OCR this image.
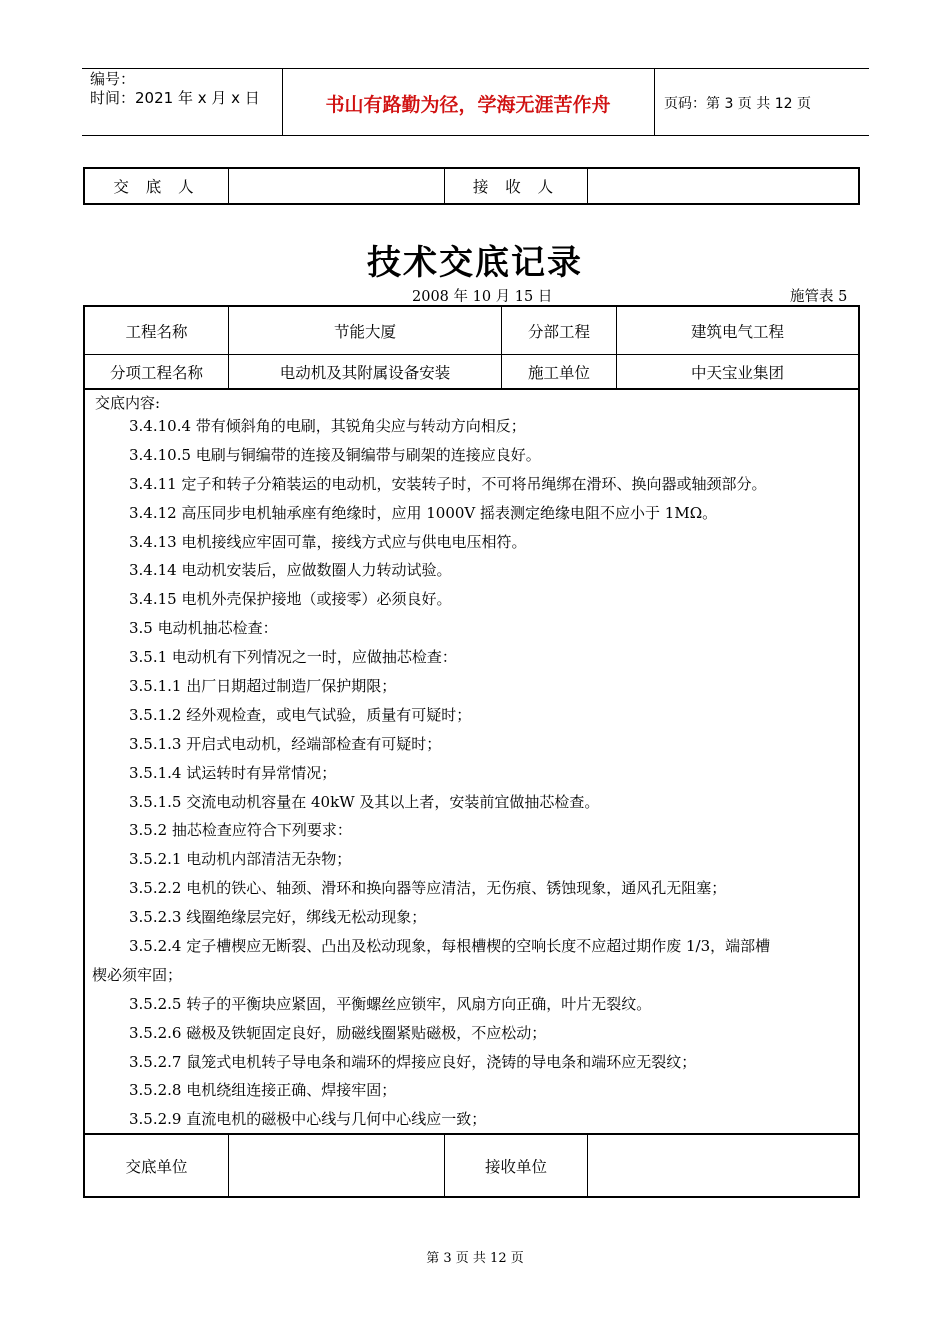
编号：
时间：2021 年 x 月 x 日	书山有路勤为径，学海无涯苦作舟	页码：第 3 页 共 12 页
交 底 人		接 收 人	
技术交底记录
2008 年 10 月 15 日	施管表 5
工程名称	节能大厦	分部工程	建筑电气工程
分项工程名称	电动机及其附属设备安装	施工单位	中天宝业集团
交底内容:
3.4.10.4 带有倾斜角的电刷，其锐角尖应与转动方向相反；
3.4.10.5 电刷与铜编带的连接及铜编带与刷架的连接应良好。
3.4.11 定子和转子分箱装运的电动机，安装转子时，不可将吊绳绑在滑环、换向器或轴颈部分。
3.4.12 高压同步电机轴承座有绝缘时，应用 1000V 摇表测定绝缘电阻不应小于 1MΩ。
3.4.13 电机接线应牢固可靠，接线方式应与供电电压相符。
3.4.14 电动机安装后，应做数圈人力转动试验。
3.4.15 电机外壳保护接地（或接零）必须良好。
3.5 电动机抽芯检查：
3.5.1 电动机有下列情况之一时，应做抽芯检查：
3.5.1.1 出厂日期超过制造厂保护期限；
3.5.1.2 经外观检查，或电气试验，质量有可疑时；
3.5.1.3 开启式电动机，经端部检查有可疑时；
3.5.1.4 试运转时有异常情况；
3.5.1.5 交流电动机容量在 40kW 及其以上者，安装前宜做抽芯检查。
3.5.2 抽芯检查应符合下列要求：
3.5.2.1 电动机内部清洁无杂物；
3.5.2.2 电机的铁心、轴颈、滑环和换向器等应清洁，无伤痕、锈蚀现象，通风孔无阻塞；
3.5.2.3 线圈绝缘层完好，绑线无松动现象；
3.5.2.4 定子槽楔应无断裂、凸出及松动现象，每根槽楔的空响长度不应超过期作废 1/3，端部槽
楔必须牢固；
3.5.2.5 转子的平衡块应紧固，平衡螺丝应锁牢，风扇方向正确，叶片无裂纹。
3.5.2.6 磁极及铁轭固定良好，励磁线圈紧贴磁极，不应松动；
3.5.2.7 鼠笼式电机转子导电条和端环的焊接应良好，浇铸的导电条和端环应无裂纹；
3.5.2.8 电机绕组连接正确、焊接牢固；
3.5.2.9 直流电机的磁极中心线与几何中心线应一致；
交底单位		接收单位	
第 3 页 共 12 页
